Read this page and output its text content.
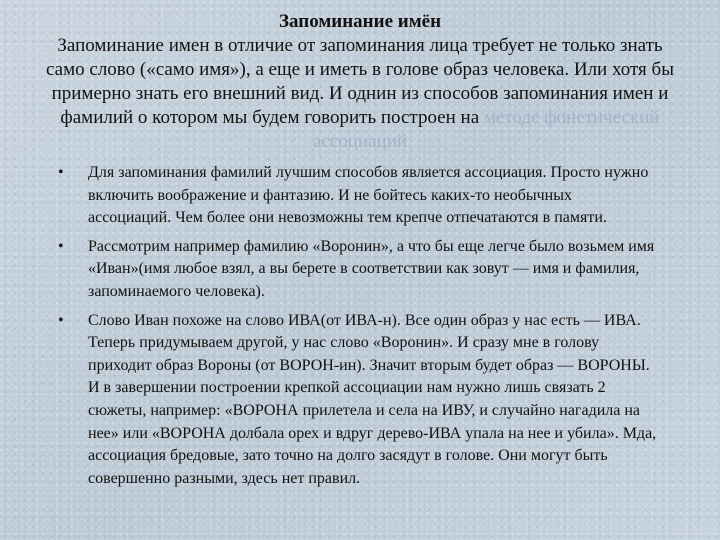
Запоминание имён
Запоминание имен в отличие от запоминания лица требует не только знать само слово («само имя»), а еще и иметь в голове образ человека. Или хотя бы примерно знать его внешний вид. И однин из способов запоминания имен и фамилий о котором мы будем говорить построен на методе фонетический ассоциаций
• Для запоминания фамилий лучшим способов является ассоциация. Просто нужно включить воображение и фантазию. И не бойтесь каких-то необычных ассоциаций. Чем более они невозможны тем крепче отпечатаются в памяти.
• Рассмотрим например фамилию «Воронин», а что бы еще легче было возьмем имя «Иван»(имя любое взял, а вы берете в соответствии как зовут — имя и фамилия, запоминаемого человека).
• Слово Иван похоже на слово ИВА(от ИВА-н). Все один образ у нас есть — ИВА. Теперь придумываем другой, у нас слово «Воронин». И сразу мне в голову приходит образ Вороны (от ВОРОН-ин). Значит вторым будет образ — ВОРОНЫ. И в завершении построении крепкой ассоциации нам нужно лишь связать 2 сюжеты, например: «ВОРОНА прилетела и села на ИВУ, и случайно нагадила на нее» или «ВОРОНА долбала орех и вдруг дерево-ИВА упала на нее и убила». Мда, ассоциация бредовые, зато точно на долго засядут в голове. Они могут быть совершенно разными, здесь нет правил.
